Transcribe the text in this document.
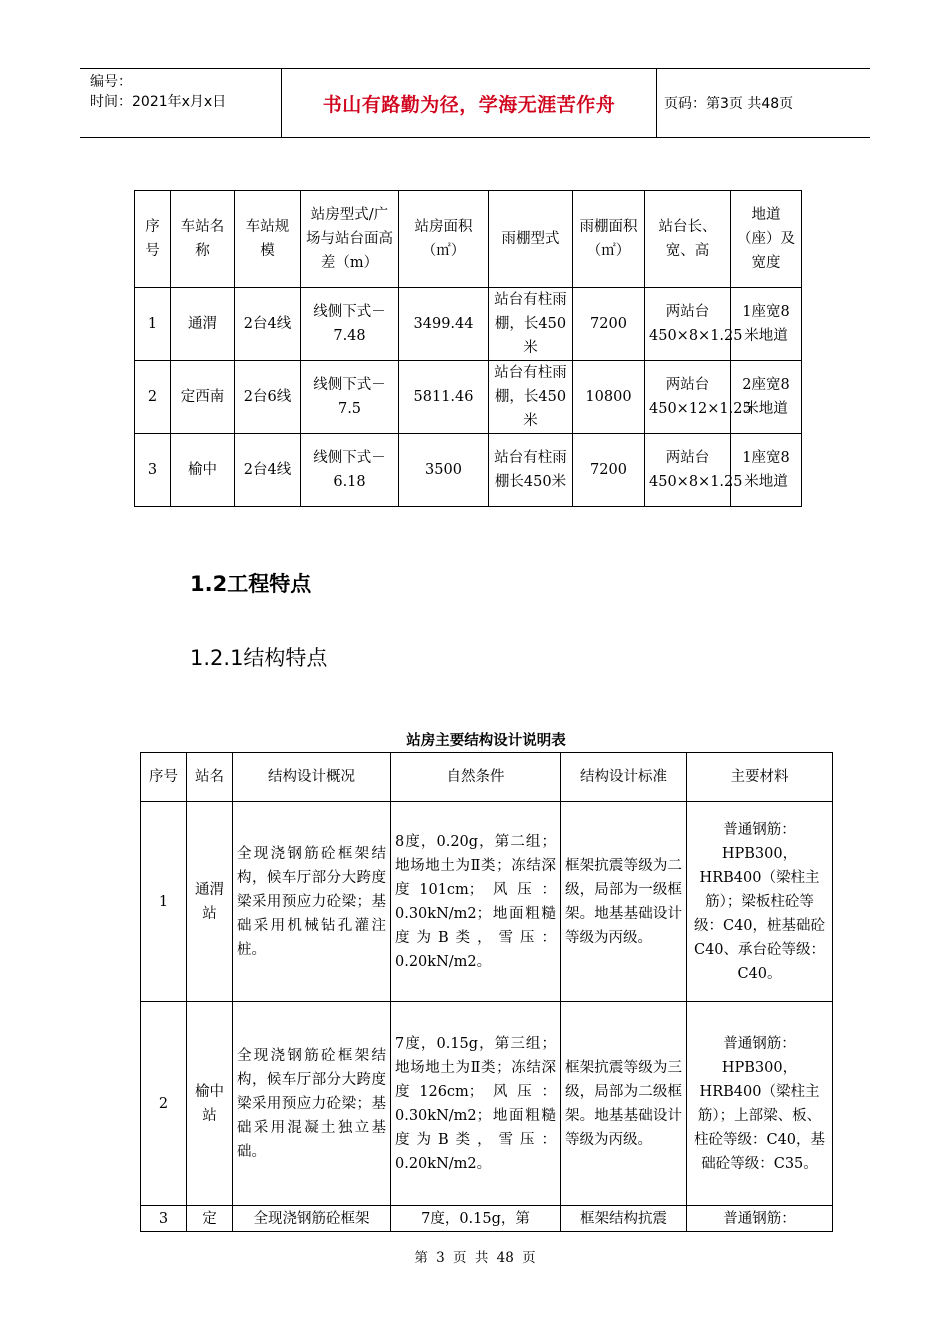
编号：
时间：2021年x月x日	书山有路勤为径，学海无涯苦作舟	页码：第3页 共48页
序号	车站名称	车站规模	站房型式/广场与站台面高差（m）	站房面积（㎡）	雨棚型式	雨棚面积（㎡）	站台长、宽、高	地道（座）及宽度
1	通渭	2台4线	线侧下式－7.48	3499.44	站台有柱雨棚，长450米	7200	两站台450×8×1.25	1座宽8 米地道
2	定西南	2台6线	线侧下式－7.5	5811.46	站台有柱雨棚，长450米	10800	两站台450×12×1.25	2座宽8 米地道
3	榆中	2台4线	线侧下式－6.18	3500	站台有柱雨棚长450米	7200	两站台450×8×1.25	1座宽8 米地道
1.2工程特点
1.2.1结构特点
站房主要结构设计说明表
序号	站名	结构设计概况	自然条件	结构设计标准	主要材料
1	通渭站	全现浇钢筋砼框架结构，候车厅部分大跨度梁采用预应力砼梁；基础采用机械钻孔灌注桩。	8度，0.20g，第二组；地场地土为Ⅱ类；冻结深度101cm；风压：0.30kN/m2；地面粗糙度为B类，雪压：0.20kN/m2。	框架抗震等级为二级，局部为一级框架。地基基础设计等级为丙级。	普通钢筋：HPB300，HRB400（梁柱主筋）；梁板柱砼等级：C40，桩基础砼C40、承台砼等级：C40。
2	榆中站	全现浇钢筋砼框架结构，候车厅部分大跨度梁采用预应力砼梁；基础采用混凝土独立基础。	7度，0.15g，第三组；地场地土为Ⅱ类；冻结深度126cm；风压：0.30kN/m2；地面粗糙度为B类，雪压：0.20kN/m2。	框架抗震等级为三级，局部为二级框架。地基基础设计等级为丙级。	普通钢筋：HPB300，HRB400（梁柱主筋）；上部梁、板、柱砼等级：C40，基础砼等级：C35。
3	定	全现浇钢筋砼框架	7度，0.15g，第	框架结构抗震	普通钢筋：
第 3 页 共 48 页
